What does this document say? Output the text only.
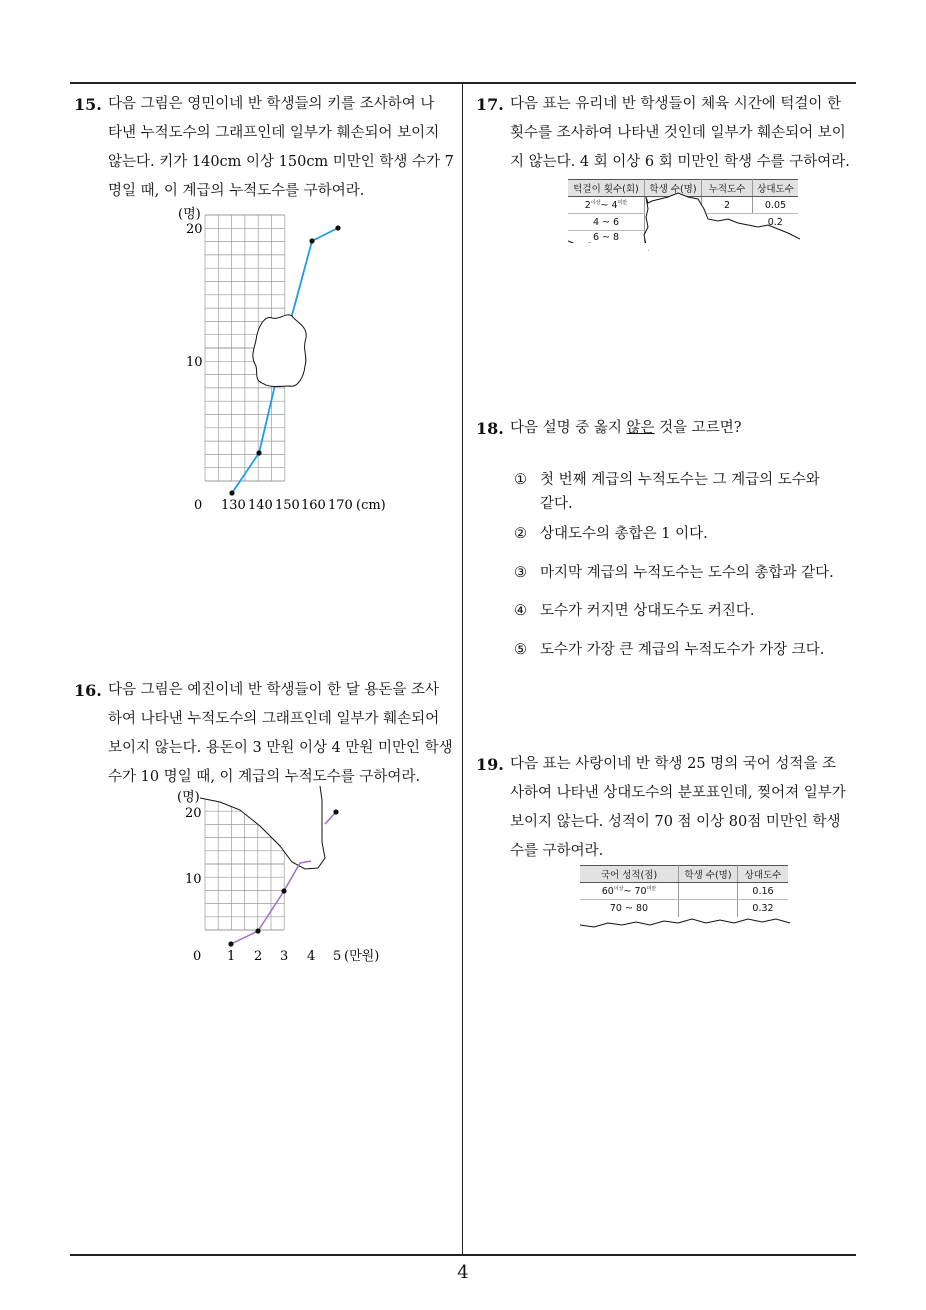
15. 다음 그림은 영민이네 반 학생들의 키를 조사하여 나
타낸 누적도수의 그래프인데 일부가 훼손되어 보이지
않는다. 키가 140cm 이상 150cm 미만인 학생 수가 7
명일 때, 이 계급의 누적도수를 구하여라.
(명)
20
10
0 130 140 150 160 170 (cm)
16. 다음 그림은 예진이네 반 학생들이 한 달 용돈을 조사
하여 나타낸 누적도수의 그래프인데 일부가 훼손되어
보이지 않는다. 용돈이 3 만원 이상 4 만원 미만인 학생
수가 10 명일 때, 이 계급의 누적도수를 구하여라.
(명)
20
10
0 1 2 3 4 5 (만원)
17. 다음 표는 유리네 반 학생들이 체육 시간에 턱걸이 한
횟수를 조사하여 나타낸 것인데 일부가 훼손되어 보이
지 않는다. 4 회 이상 6 회 미만인 학생 수를 구하여라.
턱걸이 횟수(회)	학생 수(명)	누적도수	상대도수
$2^{이상}\sim$ $4^{미만}$		2	0.05
4 ~ 6			0.2
6 ~ 8			
18. 다음 설명 중 옳지 않은 것을 고르면?
① 첫 번째 계급의 누적도수는 그 계급의 도수와
같다.
② 상대도수의 총합은 1 이다.
③ 마지막 계급의 누적도수는 도수의 총합과 같다.
④ 도수가 커지면 상대도수도 커진다.
⑤ 도수가 가장 큰 계급의 누적도수가 가장 크다.
19. 다음 표는 사랑이네 반 학생 25 명의 국어 성적을 조
사하여 나타낸 상대도수의 분포표인데, 찢어져 일부가
보이지 않는다. 성적이 70 점 이상 80점 미만인 학생
수를 구하여라.
국어 성적(점)	학생 수(명)	상대도수
$60^{이상}\sim$ $70^{미만}$		0.16
70 ~ 80		0.32
4
